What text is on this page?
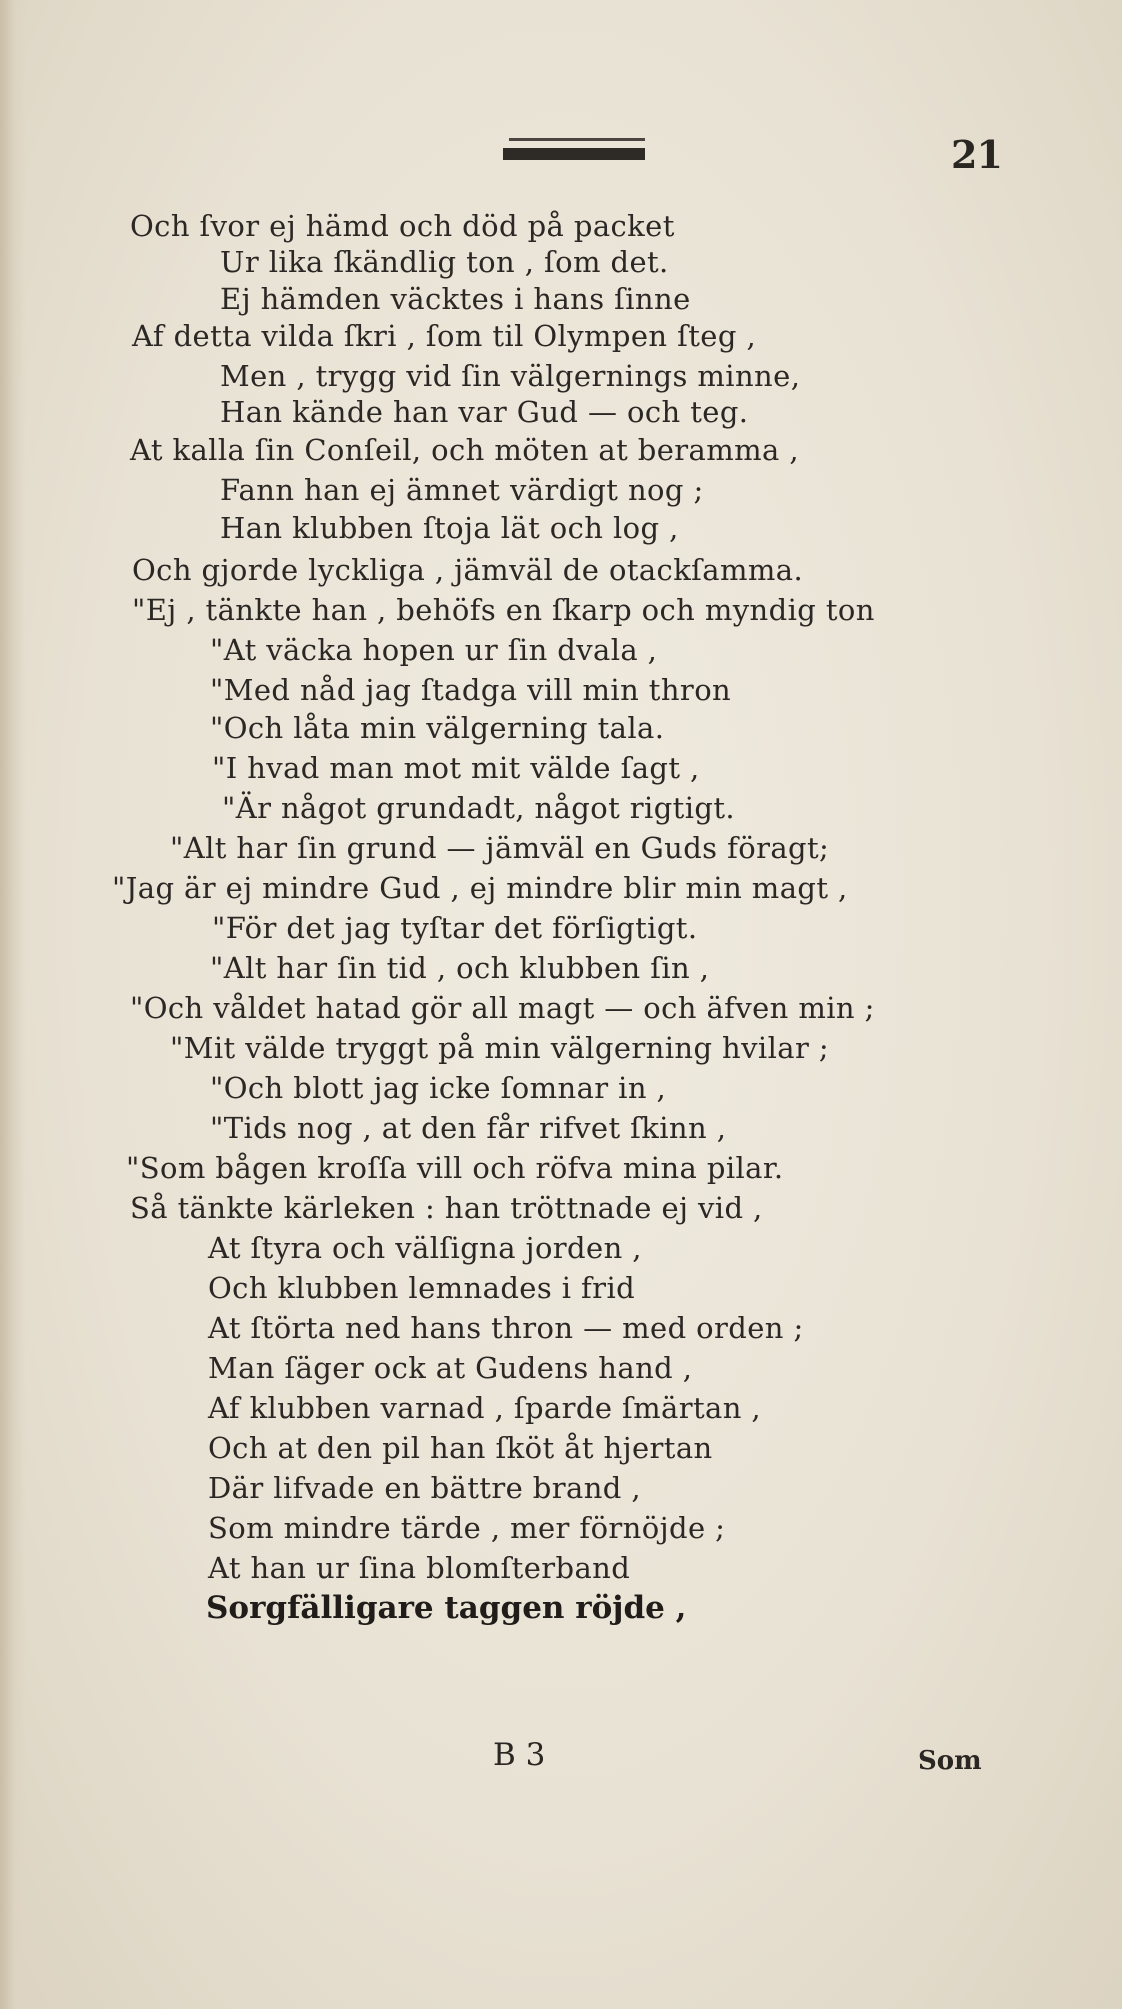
21
Och ſvor ej hämd och död på packet
Ur lika ſkändlig ton , ſom det.
Ej hämden väcktes i hans ſinne
Af detta vilda ſkri , ſom til Olympen ſteg ,
Men , trygg vid ſin välgernings minne,
Han kände han var Gud — och teg.
At kalla ſin Conſeil, och möten at beramma ,
Fann han ej ämnet värdigt nog ;
Han klubben ſtoja lät och log ,
Och gjorde lyckliga , jämväl de otackſamma.
"Ej , tänkte han , behöfs en ſkarp och myndig ton
"At väcka hopen ur ſin dvala ,
"Med nåd jag ſtadga vill min thron
"Och låta min välgerning tala.
"I hvad man mot mit välde ſagt ,
"Är något grundadt, något rigtigt.
"Alt har ſin grund — jämväl en Guds föragt;
"Jag är ej mindre Gud , ej mindre blir min magt ,
"För det jag tyſtar det förſigtigt.
"Alt har ſin tid , och klubben ſin ,
"Och våldet hatad gör all magt — och äfven min ;
"Mit välde tryggt på min välgerning hvilar ;
"Och blott jag icke ſomnar in ,
"Tids nog , at den får rifvet ſkinn ,
"Som bågen kroſſa vill och röfva mina pilar.
Så tänkte kärleken : han tröttnade ej vid ,
At ſtyra och välſigna jorden ,
Och klubben lemnades i frid
At ſtörta ned hans thron — med orden ;
Man ſäger ock at Gudens hand ,
Af klubben varnad , ſparde ſmärtan ,
Och at den pil han ſköt åt hjertan
Där lifvade en bättre brand ,
Som mindre tärde , mer förnöjde ;
At han ur ſina blomſterband
Sorgfälligare taggen röjde ,
B 3	Som
